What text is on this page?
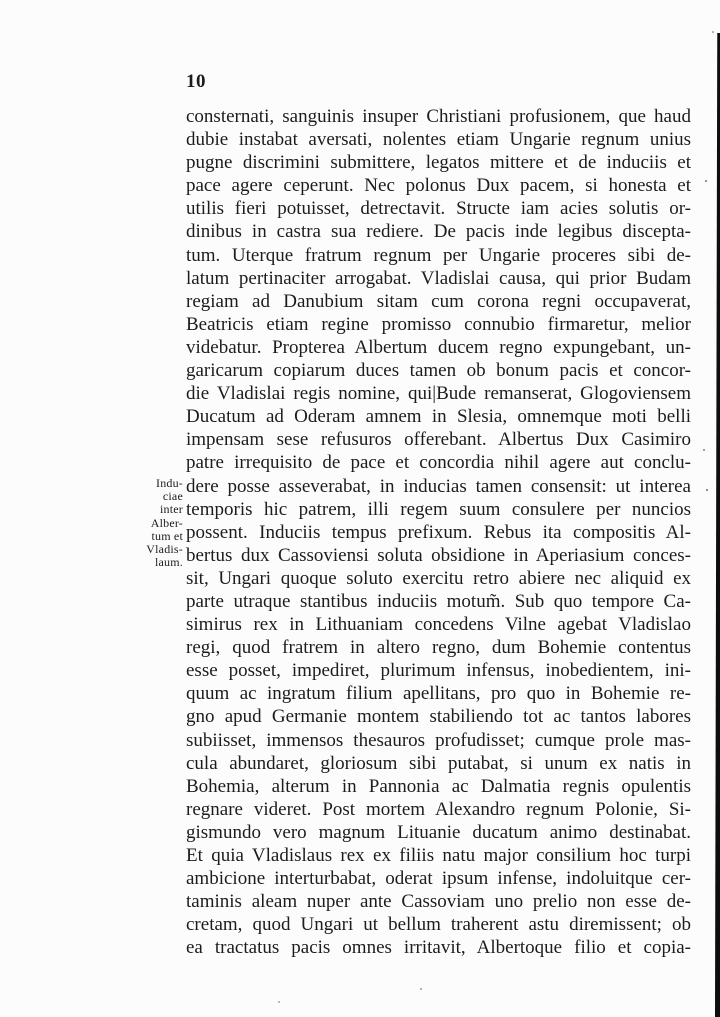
10
Indu-
ciae
inter
Alber-
tum et
Vladis-
laum.
consternati, sanguinis insuper Christiani profusionem, que haud
dubie instabat aversati, nolentes etiam Ungarie regnum unius
pugne discrimini submittere, legatos mittere et de induciis et
pace agere ceperunt. Nec polonus Dux pacem, si honesta et
utilis fieri potuisset, detrectavit. Structe iam acies solutis or-
dinibus in castra sua rediere. De pacis inde legibus discepta-
tum. Uterque fratrum regnum per Ungarie proceres sibi de-
latum pertinaciter arrogabat. Vladislai causa, qui prior Budam
regiam ad Danubium sitam cum corona regni occupaverat,
Beatricis etiam regine promisso connubio firmaretur, melior
videbatur. Propterea Albertum ducem regno expungebant, un-
garicarum copiarum duces tamen ob bonum pacis et concor-
die Vladislai regis nomine, qui|Bude remanserat, Glogoviensem
Ducatum ad Oderam amnem in Slesia, omnemque moti belli
impensam sese refusuros offerebant. Albertus Dux Casimiro
patre irrequisito de pace et concordia nihil agere aut conclu-
dere posse asseverabat, in inducias tamen consensit: ut interea
temporis hic patrem, illi regem suum consulere per nuncios
possent. Induciis tempus prefixum. Rebus ita compositis Al-
bertus dux Cassoviensi soluta obsidione in Aperiasium conces-
sit, Ungari quoque soluto exercitu retro abiere nec aliquid ex
parte utraque stantibus induciis motum̃. Sub quo tempore Ca-
simirus rex in Lithuaniam concedens Vilne agebat Vladislao
regi, quod fratrem in altero regno, dum Bohemie contentus
esse posset, impediret, plurimum infensus, inobedientem, ini-
quum ac ingratum filium apellitans, pro quo in Bohemie re-
gno apud Germanie montem stabiliendo tot ac tantos labores
subiisset, immensos thesauros profudisset; cumque prole mas-
cula abundaret, gloriosum sibi putabat, si unum ex natis in
Bohemia, alterum in Pannonia ac Dalmatia regnis opulentis
regnare videret. Post mortem Alexandro regnum Polonie, Si-
gismundo vero magnum Lituanie ducatum animo destinabat.
Et quia Vladislaus rex ex filiis natu major consilium hoc turpi
ambicione interturbabat, oderat ipsum infense, indoluitque cer-
taminis aleam nuper ante Cassoviam uno prelio non esse de-
cretam, quod Ungari ut bellum traherent astu diremissent; ob
ea tractatus pacis omnes irritavit, Albertoque filio et copia-
